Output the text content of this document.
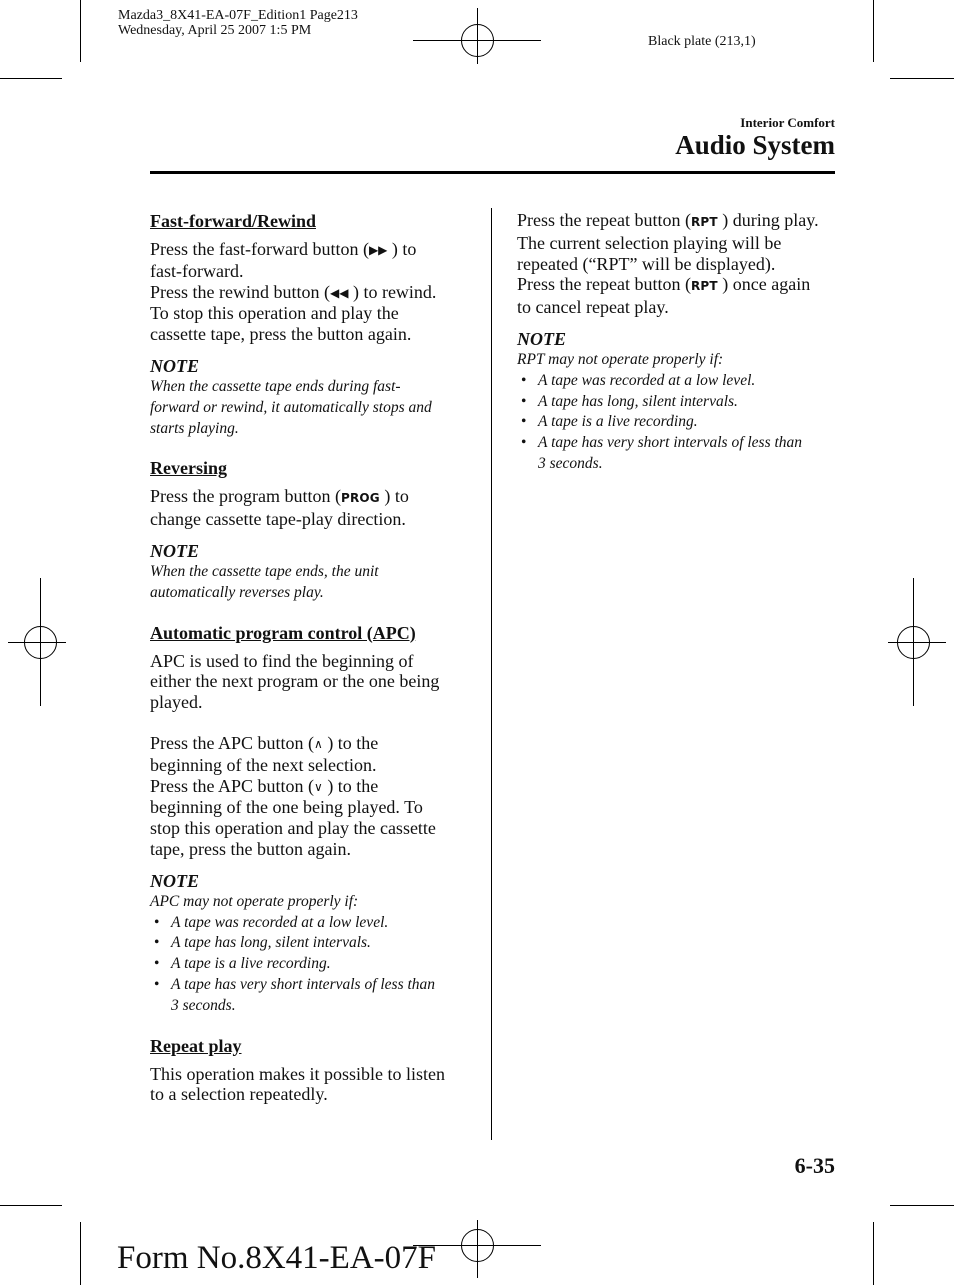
Mazda3_8X41-EA-07F_Edition1 Page213
Wednesday, April 25 2007 1:5 PM
Black plate (213,1)
Interior Comfort
Audio System
Fast-forward/Rewind

Press the fast-forward button (▶▶ ) to
fast-forward.
Press the rewind button (◀◀ ) to rewind.
To stop this operation and play the
cassette tape, press the button again.

NOTE

When the cassette tape ends during fast-
forward or rewind, it automatically stops and
starts playing.

Reversing

Press the program button (PROG ) to
change cassette tape-play direction.

NOTE

When the cassette tape ends, the unit
automatically reverses play.

Automatic program control (APC)

APC is used to find the beginning of
either the next program or the one being
played.

Press the APC button (∧ ) to the
beginning of the next selection.
Press the APC button (∨ ) to the
beginning of the one being played. To
stop this operation and play the cassette
tape, press the button again.

NOTE

APC may not operate properly if:

• A tape was recorded at a low level.
• A tape has long, silent intervals.
• A tape is a live recording.
• A tape has very short intervals of less than
3 seconds.
Repeat play

This operation makes it possible to listen
to a selection repeatedly.

Press the repeat button (RPT ) during play.
The current selection playing will be
repeated (“RPT” will be displayed).
Press the repeat button (RPT ) once again
to cancel repeat play.

NOTE

RPT may not operate properly if:

• A tape was recorded at a low level.
• A tape has long, silent intervals.
• A tape is a live recording.
• A tape has very short intervals of less than
3 seconds.
6-35
Form No.8X41-EA-07F
